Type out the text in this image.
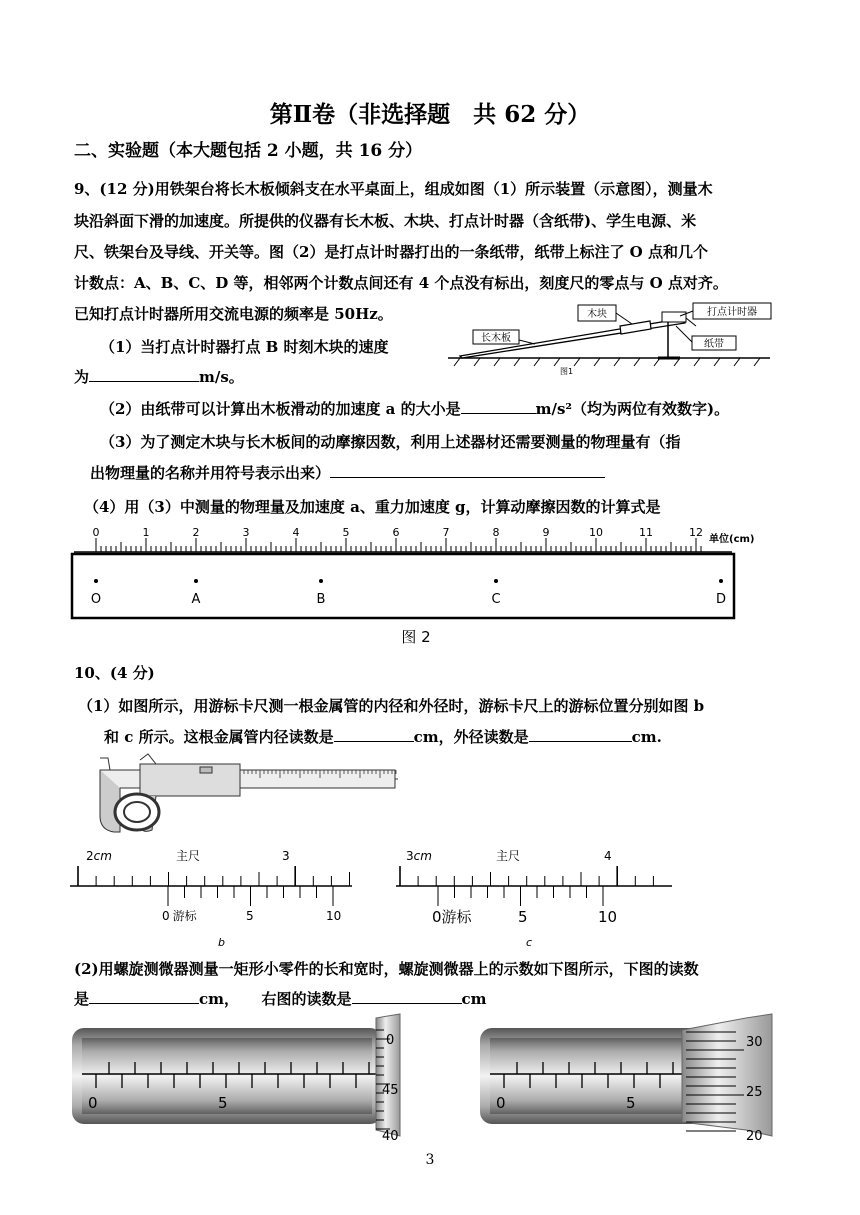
第Ⅱ卷（非选择题　共 62 分）
二、实验题（本大题包括 2 小题，共 16 分）
9、(12 分)用铁架台将长木板倾斜支在水平桌面上，组成如图（1）所示装置（示意图），测量木
块沿斜面下滑的加速度。所提供的仪器有长木板、木块、打点计时器（含纸带)、学生电源、米
尺、铁架台及导线、开关等。图（2）是打点计时器打出的一条纸带，纸带上标注了 O 点和几个
计数点：A、B、C、D 等，相邻两个计数点间还有 4 个点没有标出，刻度尺的零点与 O 点对齐。
已知打点计时器所用交流电源的频率是 50Hz。
（1）当打点计时器打点 B 时刻木块的速度
为	m/s。
（2）由纸带可以计算出木板滑动的加速度 a 的大小是	m/s²（均为两位有效数字)。
（3）为了测定木块与长木板间的动摩擦因数，利用上述器材还需要测量的物理量有（指
出物理量的名称并用符号表示出来）
（4）用（3）中测量的物理量及加速度 a、重力加速度 g，计算动摩擦因数的计算式是
木块	打点计时器
长木板
纸带
图1
0	1	2	3	4	5	6	7	8	9	10	11	12
单位(cm)
O	A	B	C	D
图 2
10、(4 分)
（1）如图所示，用游标卡尺测一根金属管的内径和外径时，游标卡尺上的游标位置分别如图 b
和 c 所示。这根金属管内径读数是	cm，外径读数是	cm.
2cm	主尺	3
0 游标	5	10
b
3cm	主尺	4
0游标	5	10
c
(2)用螺旋测微器测量一矩形小零件的长和宽时，螺旋测微器上的示数如下图所示，下图的读数
是	cm，　　右图的读数是	cm
0	5
0
45
40
0	5
30
25
20
3
